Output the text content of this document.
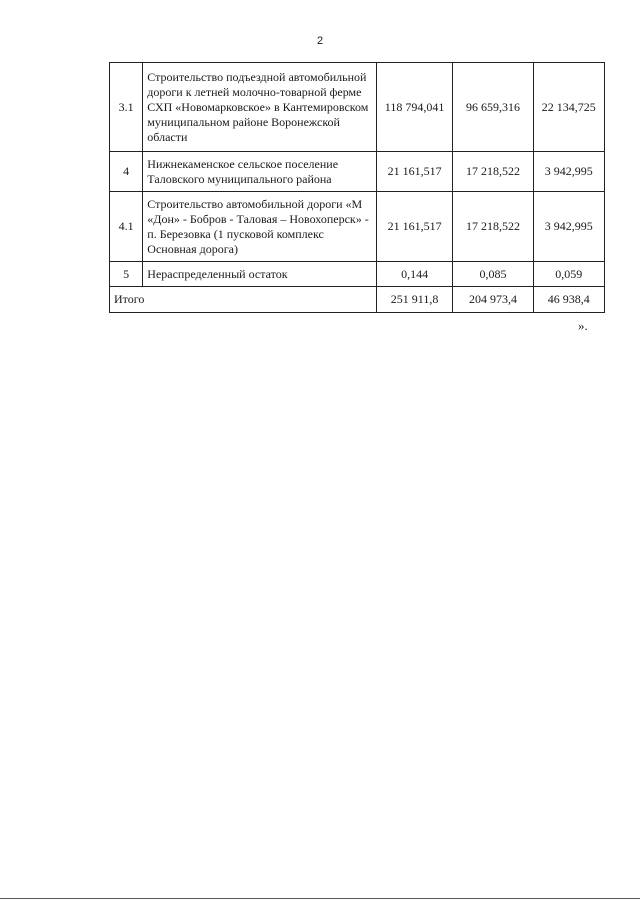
2
3.1	Строительство подъездной автомобильной дороги к летней молочно-товарной ферме СХП «Новомарковское» в Кантемировском муниципальном районе Воронежской области	118 794,041	96 659,316	22 134,725
4	Нижнекаменское сельское поселение Таловского муниципального района	21 161,517	17 218,522	3 942,995
4.1	Строительство автомобильной дороги «М «Дон» - Бобров - Таловая – Новохоперск» - п. Березовка (1 пусковой комплекс Основная дорога)	21 161,517	17 218,522	3 942,995
5	Нераспределенный остаток	0,144	0,085	0,059
Итого		251 911,8	204 973,4	46 938,4
».
